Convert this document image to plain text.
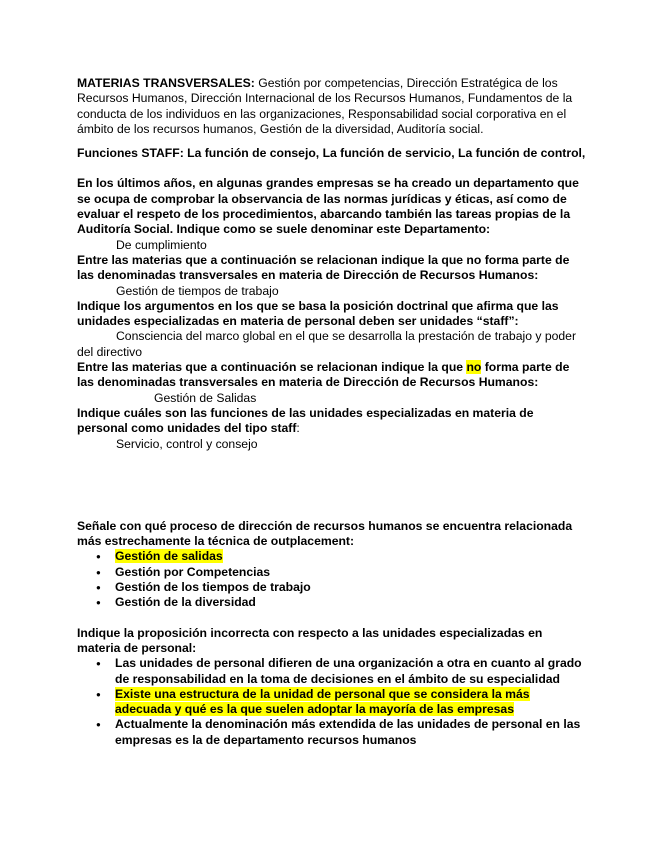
MATERIAS TRANSVERSALES: Gestión por competencias, Dirección Estratégica de los Recursos Humanos, Dirección Internacional de los Recursos Humanos, Fundamentos de la conducta de los individuos en las organizaciones, Responsabilidad social corporativa en el ámbito de los recursos humanos, Gestión de la diversidad, Auditoría social.

Funciones STAFF: La función de consejo, La función de servicio, La función de control,

En los últimos años, en algunas grandes empresas se ha creado un departamento que se ocupa de comprobar la observancia de las normas jurídicas y éticas, así como de evaluar el respeto de los procedimientos, abarcando también las tareas propias de la Auditoría Social. Indique como se suele denominar este Departamento:

De cumplimiento

Entre las materias que a continuación se relacionan indique la que no forma parte de las denominadas transversales en materia de Dirección de Recursos Humanos:

Gestión de tiempos de trabajo

Indique los argumentos en los que se basa la posición doctrinal que afirma que las unidades especializadas en materia de personal deben ser unidades “staff”:

Consciencia del marco global en el que se desarrolla la prestación de trabajo y poder

del directivo

Entre las materias que a continuación se relacionan indique la que no forma parte de las denominadas transversales en materia de Dirección de Recursos Humanos:

Gestión de Salidas

Indique cuáles son las funciones de las unidades especializadas en materia de personal como unidades del tipo staff:

Servicio, control y consejo

Señale con qué proceso de dirección de recursos humanos se encuentra relacionada más estrechamente la técnica de outplacement:

● Gestión de salidas
● Gestión por Competencias
● Gestión de los tiempos de trabajo
● Gestión de la diversidad

Indique la proposición incorrecta con respecto a las unidades especializadas en materia de personal:

● Las unidades de personal difieren de una organización a otra en cuanto al grado de responsabilidad en la toma de decisiones en el ámbito de su especialidad
● Existe una estructura de la unidad de personal que se considera la más adecuada y qué es la que suelen adoptar la mayoría de las empresas
● Actualmente la denominación más extendida de las unidades de personal en las empresas es la de departamento recursos humanos
